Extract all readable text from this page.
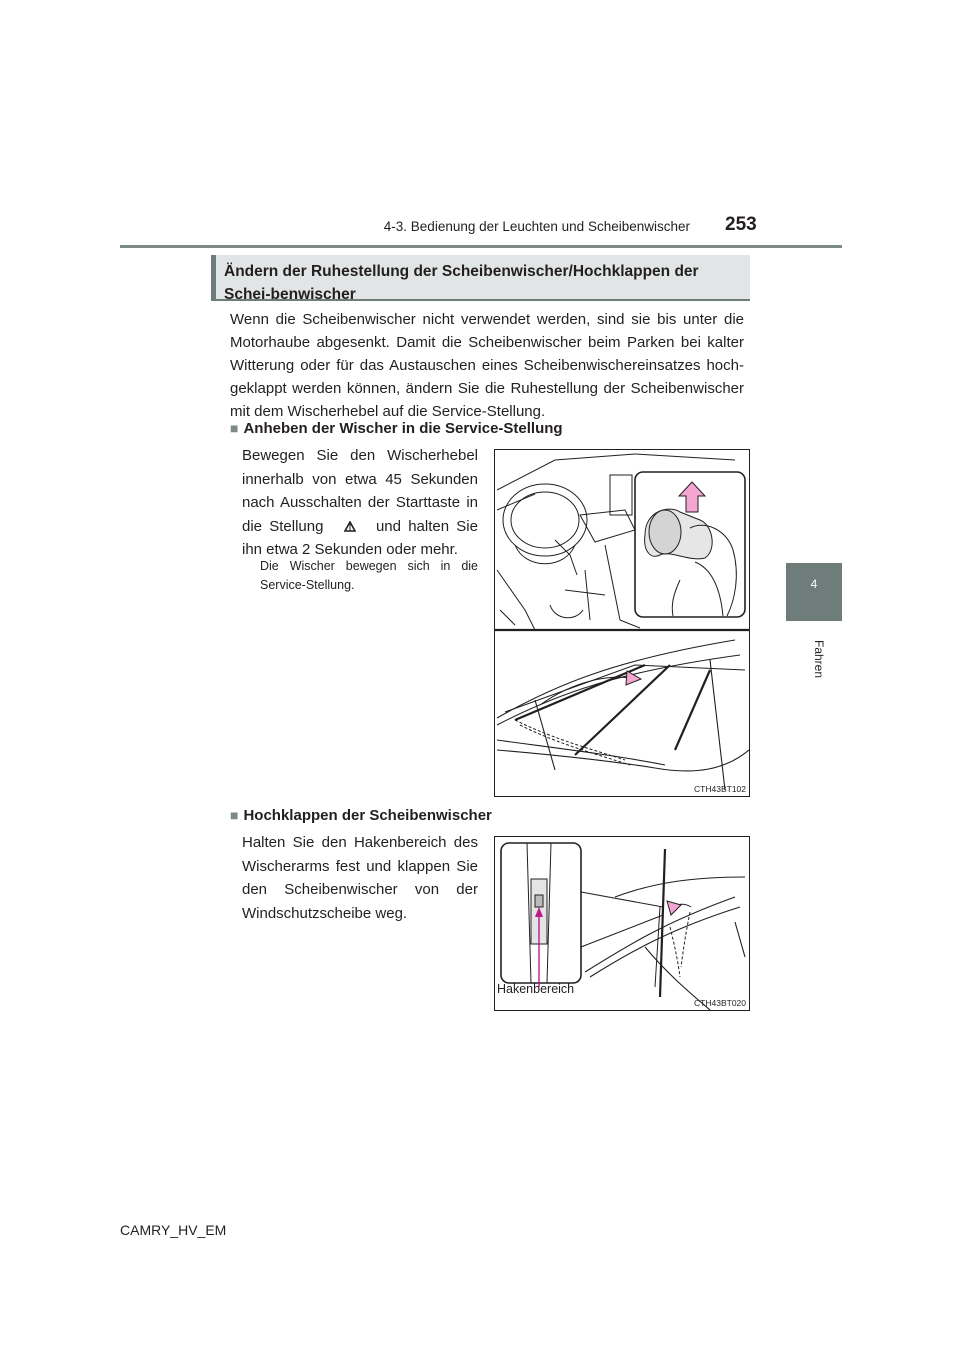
4-3. Bedienung der Leuchten und Scheibenwischer 253
4
Fahren
Ändern der Ruhestellung der Scheibenwischer/Hochklappen der Schei-benwischer
Wenn die Scheibenwischer nicht verwendet werden, sind sie bis unter die Motorhaube abgesenkt. Damit die Scheibenwischer beim Parken bei kalter Witterung oder für das Austauschen eines Scheibenwischereinsatzes hoch-geklappt werden können, ändern Sie die Ruhestellung der Scheibenwischer mit dem Wischerhebel auf die Service-Stellung.
■ Anheben der Wischer in die Service-Stellung
Bewegen Sie den Wischerhebel innerhalb von etwa 45 Sekunden nach Ausschalten der Starttaste in die Stellung	und halten Sie ihn etwa 2 Sekunden oder mehr.
Die Wischer bewegen sich in die Service-Stellung.
CTH43BT102
■ Hochklappen der Scheibenwischer
Halten Sie den Hakenbereich des Wischerarms fest und klappen Sie den Scheibenwischer von der Windschutzscheibe weg.
Hakenbereich
CTH43BT020
CAMRY_HV_EM
